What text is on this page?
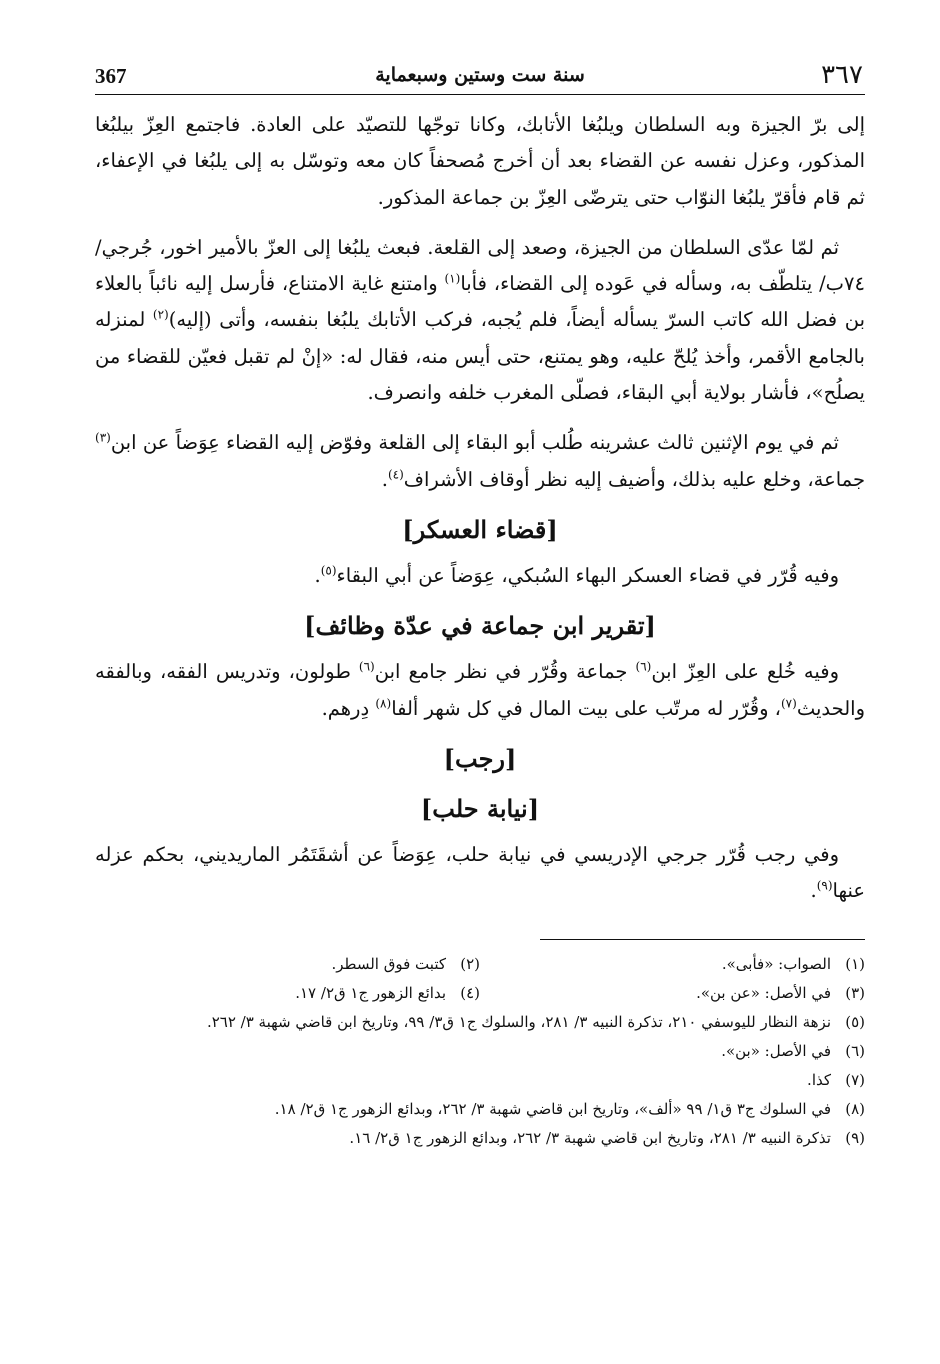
٣٦٧
سنة ست وستين وسبعماية
367

إلى برّ الجيزة وبه السلطان ويلبُغا الأتابك، وكانا توجّها للتصيّد على العادة. فاجتمع العِزّ بيلبُغا المذكور، وعزل نفسه عن القضاء بعد أن أخرج مُصحفاً كان معه وتوسّل به إلى يلبُغا في الإعفاء، ثم قام فأقرّ يلبُغا النوّاب حتى يترضّى العِزّ بن جماعة المذكور.

ثم لمّا عدّى السلطان من الجيزة، وصعد إلى القلعة. فبعث يلبُغا إلى العزّ بالأمير اخور، جُرجي/ ٧٤ب/ يتلطّف به، وسأله في عَوده إلى القضاء، فأبا$^{(١)}$ وامتنع غاية الامتناع، فأرسل إليه نائباً بالعلاء بن فضل الله كاتب السرّ يسأله أيضاً، فلم يُجبه، فركب الأتابك يلبُغا بنفسه، وأتى (إليه)$^{(٢)}$ لمنزله بالجامع الأقمر، وأخذ يُلحّ عليه، وهو يمتنع، حتى أيس منه، فقال له: «إنْ لم تقبل فعيّن للقضاء من يصلُح»، فأشار بولاية أبي البقاء، فصلّى المغرب خلفه وانصرف.

ثم في يوم الإثنين ثالث عشرينه طُلب أبو البقاء إلى القلعة وفوّض إليه القضاء عِوَضاً عن ابن$^{(٣)}$ جماعة، وخلع عليه بذلك، وأضيف إليه نظر أوقاف الأشراف$^{(٤)}$.

[قضاء العسكر]

وفيه قُرّر في قضاء العسكر البهاء السُبكي، عِوَضاً عن أبي البقاء$^{(٥)}$.

[تقرير ابن جماعة في عدّة وظائف]

وفيه خُلع على العِزّ ابن$^{(٦)}$ جماعة وقُرّر في نظر جامع ابن$^{(٦)}$ طولون، وتدريس الفقه، وبالفقه والحديث$^{(٧)}$، وقُرّر له مرتّب على بيت المال في كل شهر ألفا$^{(٨)}$ دِرهم.

[رجب]
[نيابة حلب]

وفي رجب قُرّر جرجي الإدريسي في نيابة حلب، عِوَضاً عن أشقَتَمُر الماريديني، بحكم عزله عنها$^{(٩)}$.

(١)
الصواب: «فأبى».
(٢)
كتبت فوق السطر.
(٣)
في الأصل: «عن بن».
(٤)
بدائع الزهور ج١ ق٢/ ١٧.
(٥)
نزهة النظار لليوسفي ٢١٠، تذكرة النبيه ٣/ ٢٨١، والسلوك ج١ ق٣/ ٩٩، وتاريخ ابن قاضي شهبة ٣/ ٢٦٢.
(٦)
في الأصل: «بن».
(٧)
كذا.
(٨)
في السلوك ج٣ ق١/ ٩٩ «ألف»، وتاريخ ابن قاضي شهبة ٣/ ٢٦٢، وبدائع الزهور ج١ ق٢/ ١٨.
(٩)
تذكرة النبيه ٣/ ٢٨١، وتاريخ ابن قاضي شهبة ٣/ ٢٦٢، وبدائع الزهور ج١ ق٢/ ١٦.
